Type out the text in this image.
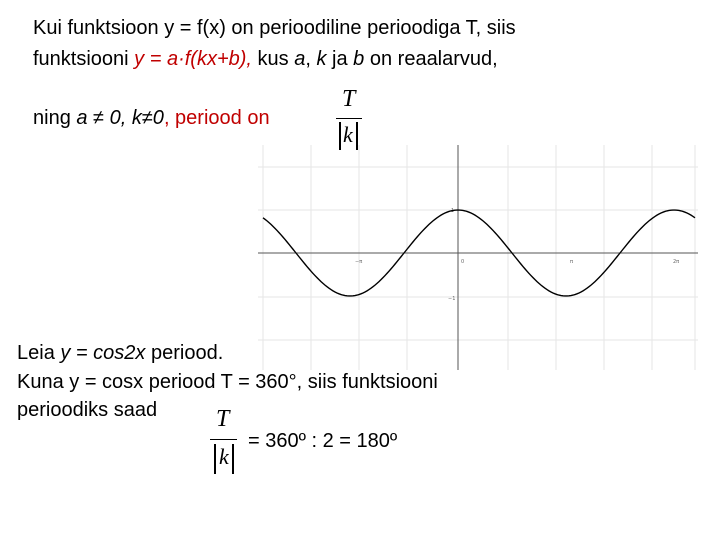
Kui funktsioon y = f(x) on perioodiline perioodiga T, siis
funktsiooni y = a·f(kx+b), kus a, k ja b on reaalarvud,
ning a ≠ 0, k≠0, periood on
T
k
−π	0	π	2π
1
−1
Leia y = cos2x periood.
Kuna y = cosx periood T = 360°, siis funktsiooni
perioodiks saad T
k
= 360º : 2 = 180º
